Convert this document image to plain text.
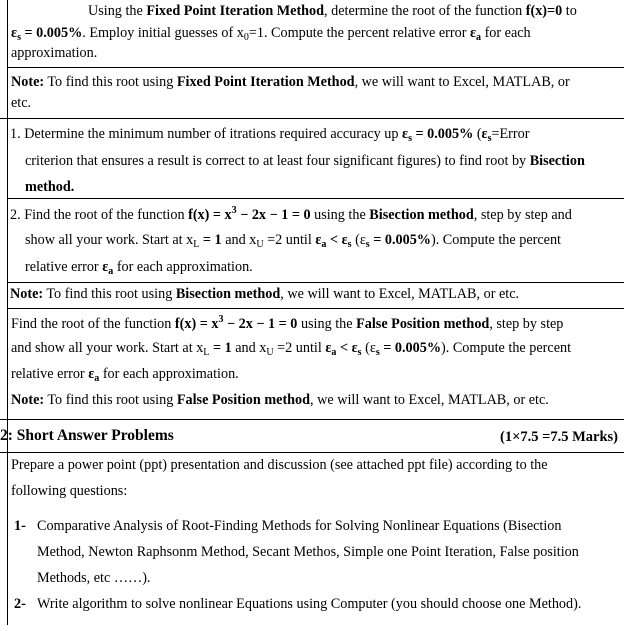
Using the Fixed Point Iteration Method, determine the root of the function f(x)=0 to
$\varepsilon_s = 0.005\%$. Employ initial guesses of $x_0=1$. Compute the percent relative error $\varepsilon_a$ for each
approximation.
Note: To find this root using Fixed Point Iteration Method, we will want to Excel, MATLAB, or
etc.
1. Determine the minimum number of itrations required accuracy up $\varepsilon_s = 0.005\%$ ($\varepsilon_s=Error$
criterion that ensures a result is correct to at least four significant figures) to find root by Bisection
method.
2. Find the root of the function $f(x) = x^3 - 2x - 1 = 0$ using the Bisection method, step by step and
show all your work. Start at $x_L = 1$ and $x_U =2$ until $\varepsilon_a < \varepsilon_s$ $(\varepsilon_s = 0.005\%)$. Compute the percent
relative error $\varepsilon_a$ for each approximation.
Note: To find this root using Bisection method, we will want to Excel, MATLAB, or etc.
Find the root of the function $f(x) = x^3 - 2x - 1 = 0$ using the False Position method, step by step
and show all your work. Start at $x_L = 1$ and $x_U =2$ until $\varepsilon_a < \varepsilon_s$ $(\varepsilon_s = 0.005\%)$. Compute the percent
relative error $\varepsilon_a$ for each approximation.
Note: To find this root using False Position method, we will want to Excel, MATLAB, or etc.
2: Short Answer Problems	(1×7.5 =7.5 Marks)
Prepare a power point (ppt) presentation and discussion (see attached ppt file) according to the
following questions:
1- Comparative Analysis of Root-Finding Methods for Solving Nonlinear Equations (Bisection
Method, Newton Raphsonm Method, Secant Methos, Simple one Point Iteration, False position
Methods, etc ……).
2- Write algorithm to solve nonlinear Equations using Computer (you should choose one Method).
